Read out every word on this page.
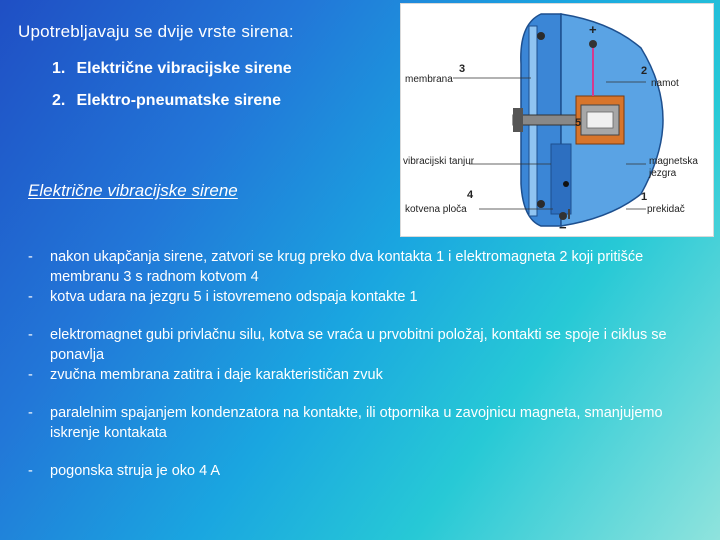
Upotrebljavaju se dvije vrste sirena:
1. Električne vibracijske sirene
2. Elektro-pneumatske sirene
Električne vibracijske sirene
membrana	namot
vibracijski tanjur	magnetska
jezgra
kotvena ploča	prekidač
3	2
5
4	1
+
−
-	nakon ukapčanja sirene, zatvori se krug preko dva kontakta 1 i elektromagneta 2 koji pritišće membranu 3 s radnom kotvom 4
-	kotva udara na jezgru 5 i istovremeno odspaja kontakte 1
-	elektromagnet gubi privlačnu silu, kotva se vraća u prvobitni položaj, kontakti se spoje i ciklus se ponavlja
-	zvučna membrana zatitra i daje karakterističan zvuk
-	paralelnim spajanjem kondenzatora na kontakte, ili otpornika u zavojnicu magneta, smanjujemo iskrenje kontakata
-	pogonska struja je oko 4 A
